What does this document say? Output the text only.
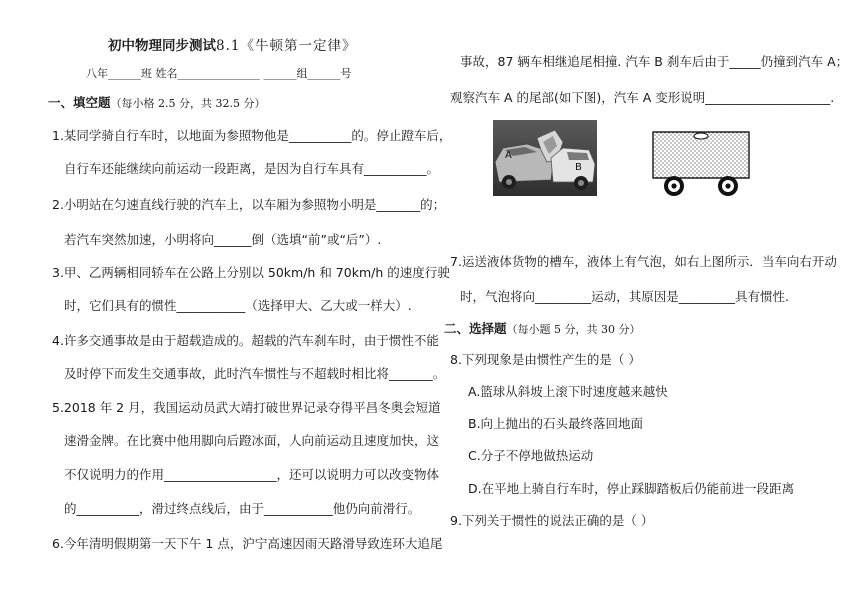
初中物理同步测试8.1《牛顿第一定律》
八年______班 姓名_______________ ______组______号
一、填空题（每小格 2.5 分，共 32.5 分）
1.某同学骑自行车时，以地面为参照物他是__________的。停止蹬车后，
自行车还能继续向前运动一段距离，是因为自行车具有__________。
2.小明站在匀速直线行驶的汽车上，以车厢为参照物小明是_______的；
若汽车突然加速，小明将向______倒（选填“前”或“后”）.
3.甲、乙两辆相同轿车在公路上分别以 50km/h 和 70km/h 的速度行驶
时，它们具有的惯性___________（选择甲大、乙大或一样大）.
4.许多交通事故是由于超载造成的。超载的汽车刹车时，由于惯性不能
及时停下而发生交通事故，此时汽车惯性与不超载时相比将_______。
5.2018 年 2 月，我国运动员武大靖打破世界记录夺得平昌冬奥会短道
速滑金牌。在比赛中他用脚向后蹬冰面，人向前运动且速度加快，这
不仅说明力的作用__________________，还可以说明力可以改变物体
的__________，滑过终点线后，由于___________他仍向前滑行。
6.今年清明假期第一天下午 1 点，沪宁高速因雨天路滑导致连环大追尾
事故，87 辆车相继追尾相撞. 汽车 B 刹车后由于_____仍撞到汽车 A；
观察汽车 A 的尾部(如下图)，汽车 A 变形说明____________________.
A
B
7.运送液体货物的槽车，液体上有气泡，如右上图所示．当车向右开动
时，气泡将向_________运动，其原因是_________具有惯性.
二、选择题（每小题 5 分，共 30 分）
8.下列现象是由惯性产生的是（ ）
A.篮球从斜坡上滚下时速度越来越快
B.向上抛出的石头最终落回地面
C.分子不停地做热运动
D.在平地上骑自行车时，停止踩脚踏板后仍能前进一段距离
9.下列关于惯性的说法正确的是（ ）
